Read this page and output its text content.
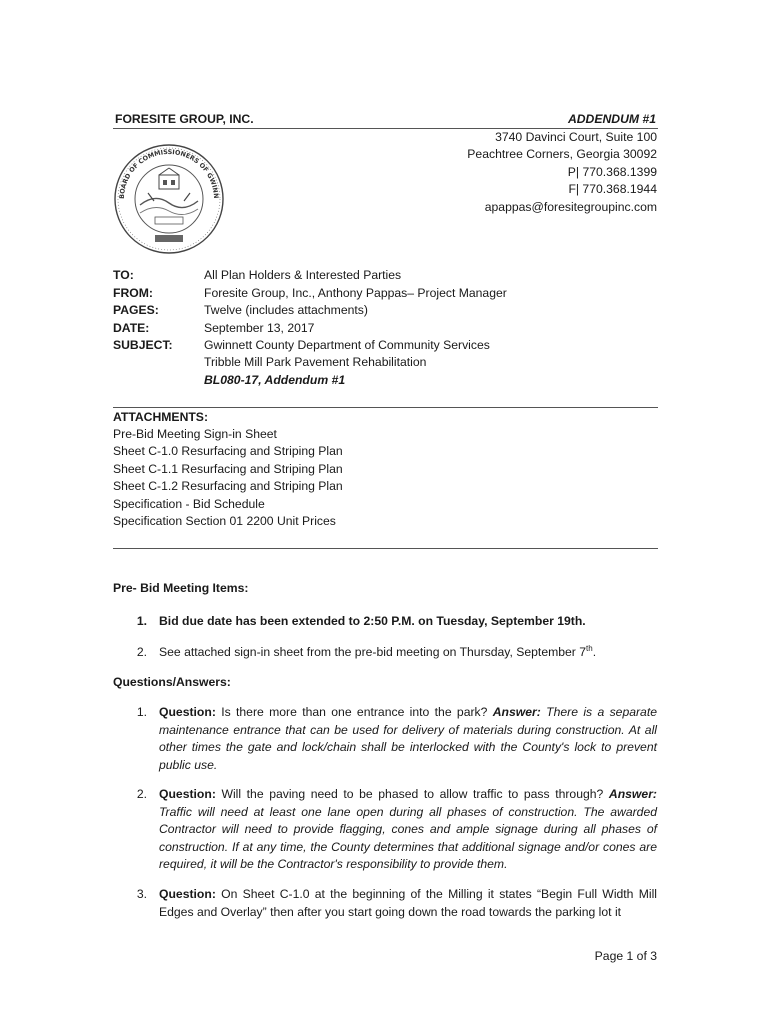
FORESITE GROUP, INC.	ADDENDUM #1
3740 Davinci Court, Suite 100
Peachtree Corners, Georgia 30092
P| 770.368.1399
F| 770.368.1944
apappas@foresitegroupinc.com
BOARD OF COMMISSIONERS OF GWINN
TO:	All Plan Holders & Interested Parties
FROM:	Foresite Group, Inc., Anthony Pappas– Project Manager
PAGES:	Twelve (includes attachments)
DATE:	September 13, 2017
SUBJECT:	Gwinnett County Department of Community Services
Tribble Mill Park Pavement Rehabilitation
BL080-17, Addendum #1
ATTACHMENTS:
Pre-Bid Meeting Sign-in Sheet
Sheet C-1.0 Resurfacing and Striping Plan
Sheet C-1.1 Resurfacing and Striping Plan
Sheet C-1.2 Resurfacing and Striping Plan
Specification - Bid Schedule
Specification Section 01 2200 Unit Prices
Pre- Bid Meeting Items:
1. Bid due date has been extended to 2:50 P.M. on Tuesday, September 19th.
2. See attached sign-in sheet from the pre-bid meeting on Thursday, September 7th.
Questions/Answers:
1. Question: Is there more than one entrance into the park? Answer: There is a separate maintenance entrance that can be used for delivery of materials during construction. At all other times the gate and lock/chain shall be interlocked with the County's lock to prevent public use.
2. Question: Will the paving need to be phased to allow traffic to pass through? Answer: Traffic will need at least one lane open during all phases of construction. The awarded Contractor will need to provide flagging, cones and ample signage during all phases of construction. If at any time, the County determines that additional signage and/or cones are required, it will be the Contractor's responsibility to provide them.
3. Question: On Sheet C-1.0 at the beginning of the Milling it states “Begin Full Width Mill Edges and Overlay” then after you start going down the road towards the parking lot it
Page 1 of 3
